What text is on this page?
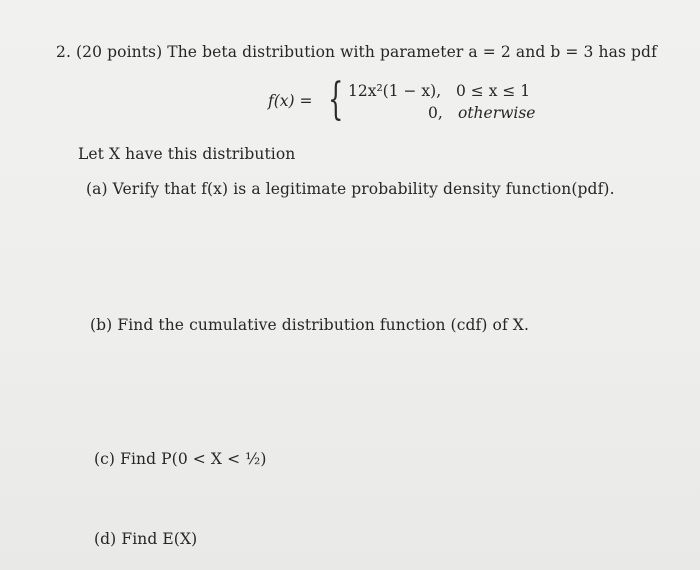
2. (20 points) The beta distribution with parameter a = 2 and b = 3 has pdf
f(x) = { 12x²(1 − x), 0 ≤ x ≤ 1
0, otherwise
Let X have this distribution
(a) Verify that f(x) is a legitimate probability density function(pdf).
(b) Find the cumulative distribution function (cdf) of X.
(c) Find P(0 < X < ½)
(d) Find E(X)
